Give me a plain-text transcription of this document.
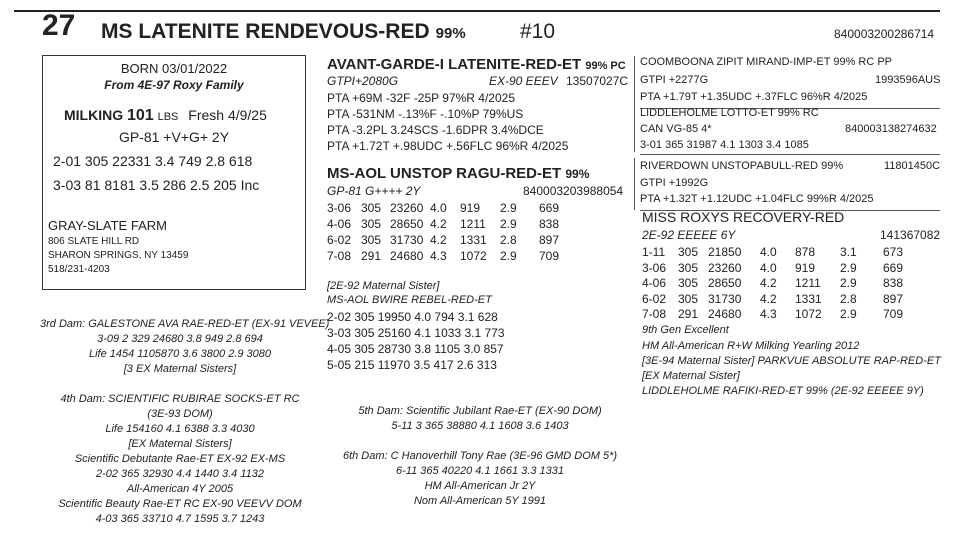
27 MS LATENITE RENDEVOUS-RED 99%	#10	840003200286714
BORN 03/01/2022
From 4E-97 Roxy Family
MILKING 101 LBS Fresh 4/9/25
GP-81 +V+G+ 2Y
2-01 305 22331 3.4 749 2.8 618
3-03 81 8181 3.5 286 2.5 205 Inc
GRAY-SLATE FARM
806 SLATE HILL RD
SHARON SPRINGS, NY 13459
518/231-4203
AVANT-GARDE-I LATENITE-RED-ET 99% PC
GTPI+2080G	EX-90 EEEV 13507027C
PTA +69M -32F -25P 97%R 4/2025
PTA -531NM -.13%F -.10%P 79%US
PTA -3.2PL 3.24SCS -1.6DPR 3.4%DCE
PTA +1.72T +.98UDC +.56FLC 96%R 4/2025
MS-AOL UNSTOP RAGU-RED-ET 99%
GP-81 G++++ 2Y	840003203988054
3-06 305 23260 4.0 919 2.9 669
4-06 305 28650 4.2 1211 2.9 838
6-02 305 31730 4.2 1331 2.8 897
7-08 291 24680 4.3 1072 2.9 709
[2E-92 Maternal Sister]
MS-AOL BWIRE REBEL-RED-ET
2-02 305 19950 4.0 794 3.1 628
3-03 305 25160 4.1 1033 3.1 773
4-05 305 28730 3.8 1105 3.0 857
5-05 215 11970 3.5 417 2.6 313
COOMBOONA ZIPIT MIRAND-IMP-ET 99% RC PP
GTPI +2277G	1993596AUS
PTA +1.79T +1.35UDC +.37FLC 96%R 4/2025
LIDDLEHOLME LOTTO-ET 99% RC
CAN VG-85 4*	840003138274632
3-01 365 31987 4.1 1303 3.4 1085
RIVERDOWN UNSTOPABULL-RED 99%	11801450C
GTPI +1992G
PTA +1.32T +1.12UDC +1.04FLC 99%R 4/2025
MISS ROXYS RECOVERY-RED
2E-92 EEEEE 6Y	141367082
1-11 305 21850 4.0 878 3.1 673
3-06 305 23260 4.0 919 2.9 669
4-06 305 28650 4.2 1211 2.9 838
6-02 305 31730 4.2 1331 2.8 897
7-08 291 24680 4.3 1072 2.9 709
9th Gen Excellent
HM All-American R+W Milking Yearling 2012
[3E-94 Maternal Sister] PARKVUE ABSOLUTE RAP-RED-ET
[EX Maternal Sister]
LIDDLEHOLME RAFIKI-RED-ET 99% (2E-92 EEEEE 9Y)
3rd Dam: GALESTONE AVA RAE-RED-ET (EX-91 VEVEE)
3-09 2 329 24680 3.8 949 2.8 694
Life 1454 1105870 3.6 3800 2.9 3080
[3 EX Maternal Sisters]
4th Dam: SCIENTIFIC RUBIRAE SOCKS-ET RC
(3E-93 DOM)
Life 154160 4.1 6388 3.3 4030
[EX Maternal Sisters]
Scientific Debutante Rae-ET EX-92 EX-MS
2-02 365 32930 4.4 1440 3.4 1132
All-American 4Y 2005
Scientific Beauty Rae-ET RC EX-90 VEEVV DOM
4-03 365 33710 4.7 1595 3.7 1243
5th Dam: Scientific Jubilant Rae-ET (EX-90 DOM)
5-11 3 365 38880 4.1 1608 3.6 1403
6th Dam: C Hanoverhill Tony Rae (3E-96 GMD DOM 5*)
6-11 365 40220 4.1 1661 3.3 1331
HM All-American Jr 2Y
Nom All-American 5Y 1991
